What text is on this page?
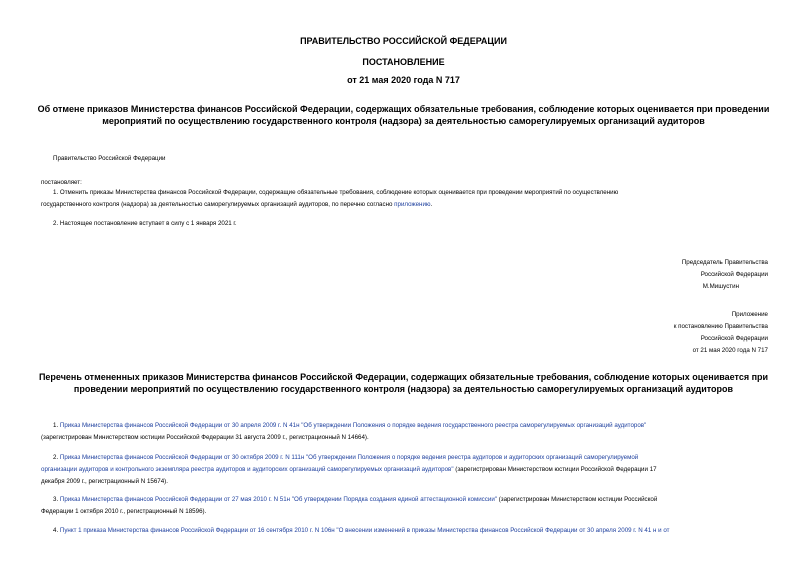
ПРАВИТЕЛЬСТВО РОССИЙСКОЙ ФЕДЕРАЦИИ
ПОСТАНОВЛЕНИЕ
от 21 мая 2020 года N 717
Об отмене приказов Министерства финансов Российской Федерации, содержащих обязательные требования, соблюдение которых оценивается при проведении
мероприятий по осуществлению государственного контроля (надзора) за деятельностью саморегулируемых организаций аудиторов
Правительство Российской Федерации
постановляет:
1. Отменить приказы Министерства финансов Российской Федерации, содержащие обязательные требования, соблюдение которых оценивается при проведении мероприятий по осуществлению
государственного контроля (надзора) за деятельностью саморегулируемых организаций аудиторов, по перечню согласно приложению.
2. Настоящее постановление вступает в силу с 1 января 2021 г.
Председатель Правительства
Российской Федерации
М.Мишустин
Приложение
к постановлению Правительства
Российской Федерации
от 21 мая 2020 года N 717
Перечень отмененных приказов Министерства финансов Российской Федерации, содержащих обязательные требования, соблюдение которых оценивается при
проведении мероприятий по осуществлению государственного контроля (надзора) за деятельностью саморегулируемых организаций аудиторов
1. Приказ Министерства финансов Российской Федерации от 30 апреля 2009 г. N 41н "Об утверждении Положения о порядке ведения государственного реестра саморегулируемых организаций аудиторов"
(зарегистрирован Министерством юстиции Российской Федерации 31 августа 2009 г., регистрационный N 14664).
2. Приказ Министерства финансов Российской Федерации от 30 октября 2009 г. N 111н "Об утверждении Положения о порядке ведения реестра аудиторов и аудиторских организаций саморегулируемой
организации аудиторов и контрольного экземпляра реестра аудиторов и аудиторских организаций саморегулируемых организаций аудиторов" (зарегистрирован Министерством юстиции Российской Федерации 17
декабря 2009 г., регистрационный N 15674).
3. Приказ Министерства финансов Российской Федерации от 27 мая 2010 г. N 51н "Об утверждении Порядка создания единой аттестационной комиссии" (зарегистрирован Министерством юстиции Российской
Федерации 1 октября 2010 г., регистрационный N 18596).
4. Пункт 1 приказа Министерства финансов Российской Федерации от 16 сентября 2010 г. N 106н "О внесении изменений в приказы Министерства финансов Российской Федерации от 30 апреля 2009 г. N 41 н и от
